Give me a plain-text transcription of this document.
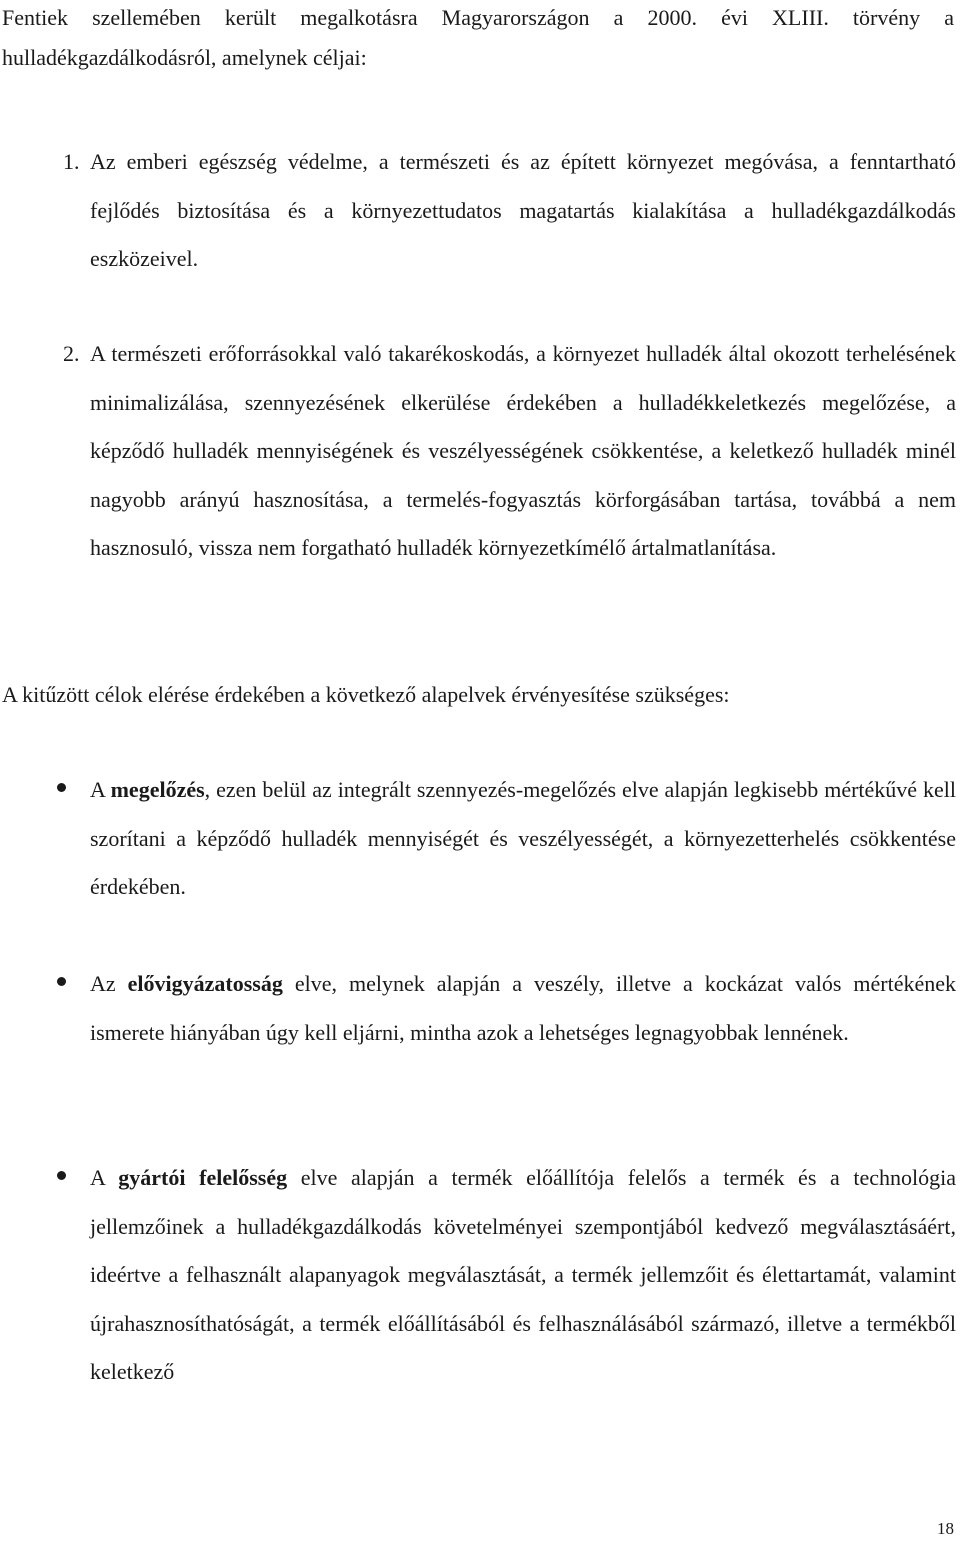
Fentiek szellemében került megalkotásra Magyarországon a 2000. évi XLIII. törvény a hulladékgazdálkodásról, amelynek céljai:

1. Az emberi egészség védelme, a természeti és az épített környezet megóvása, a fenntartható fejlődés biztosítása és a környezettudatos magatartás kialakítása a hulladékgazdálkodás eszközeivel.
2. A természeti erőforrásokkal való takarékoskodás, a környezet hulladék által okozott terhelésének minimalizálása, szennyezésének elkerülése érdekében a hulladékkeletkezés megelőzése, a képződő hulladék mennyiségének és veszélyességének csökkentése, a keletkező hulladék minél nagyobb arányú hasznosítása, a termelés-fogyasztás körforgásában tartása, továbbá a nem hasznosuló, vissza nem forgatható hulladék környezetkímélő ártalmatlanítása.

A kitűzött célok elérése érdekében a következő alapelvek érvényesítése szükséges:

A megelőzés, ezen belül az integrált szennyezés-megelőzés elve alapján legkisebb mértékűvé kell szorítani a képződő hulladék mennyiségét és veszélyességét, a környezetterhelés csökkentése érdekében.
Az elővigyázatosság elve, melynek alapján a veszély, illetve a kockázat valós mértékének ismerete hiányában úgy kell eljárni, mintha azok a lehetséges legnagyobbak lennének.
A gyártói felelősség elve alapján a termék előállítója felelős a termék és a technológia jellemzőinek a hulladékgazdálkodás követelményei szempontjából kedvező megválasztásáért, ideértve a felhasznált alapanyagok megválasztását, a termék jellemzőit és élettartamát, valamint újrahasznosíthatóságát, a termék előállításából és felhasználásából származó, illetve a termékből keletkező
18
